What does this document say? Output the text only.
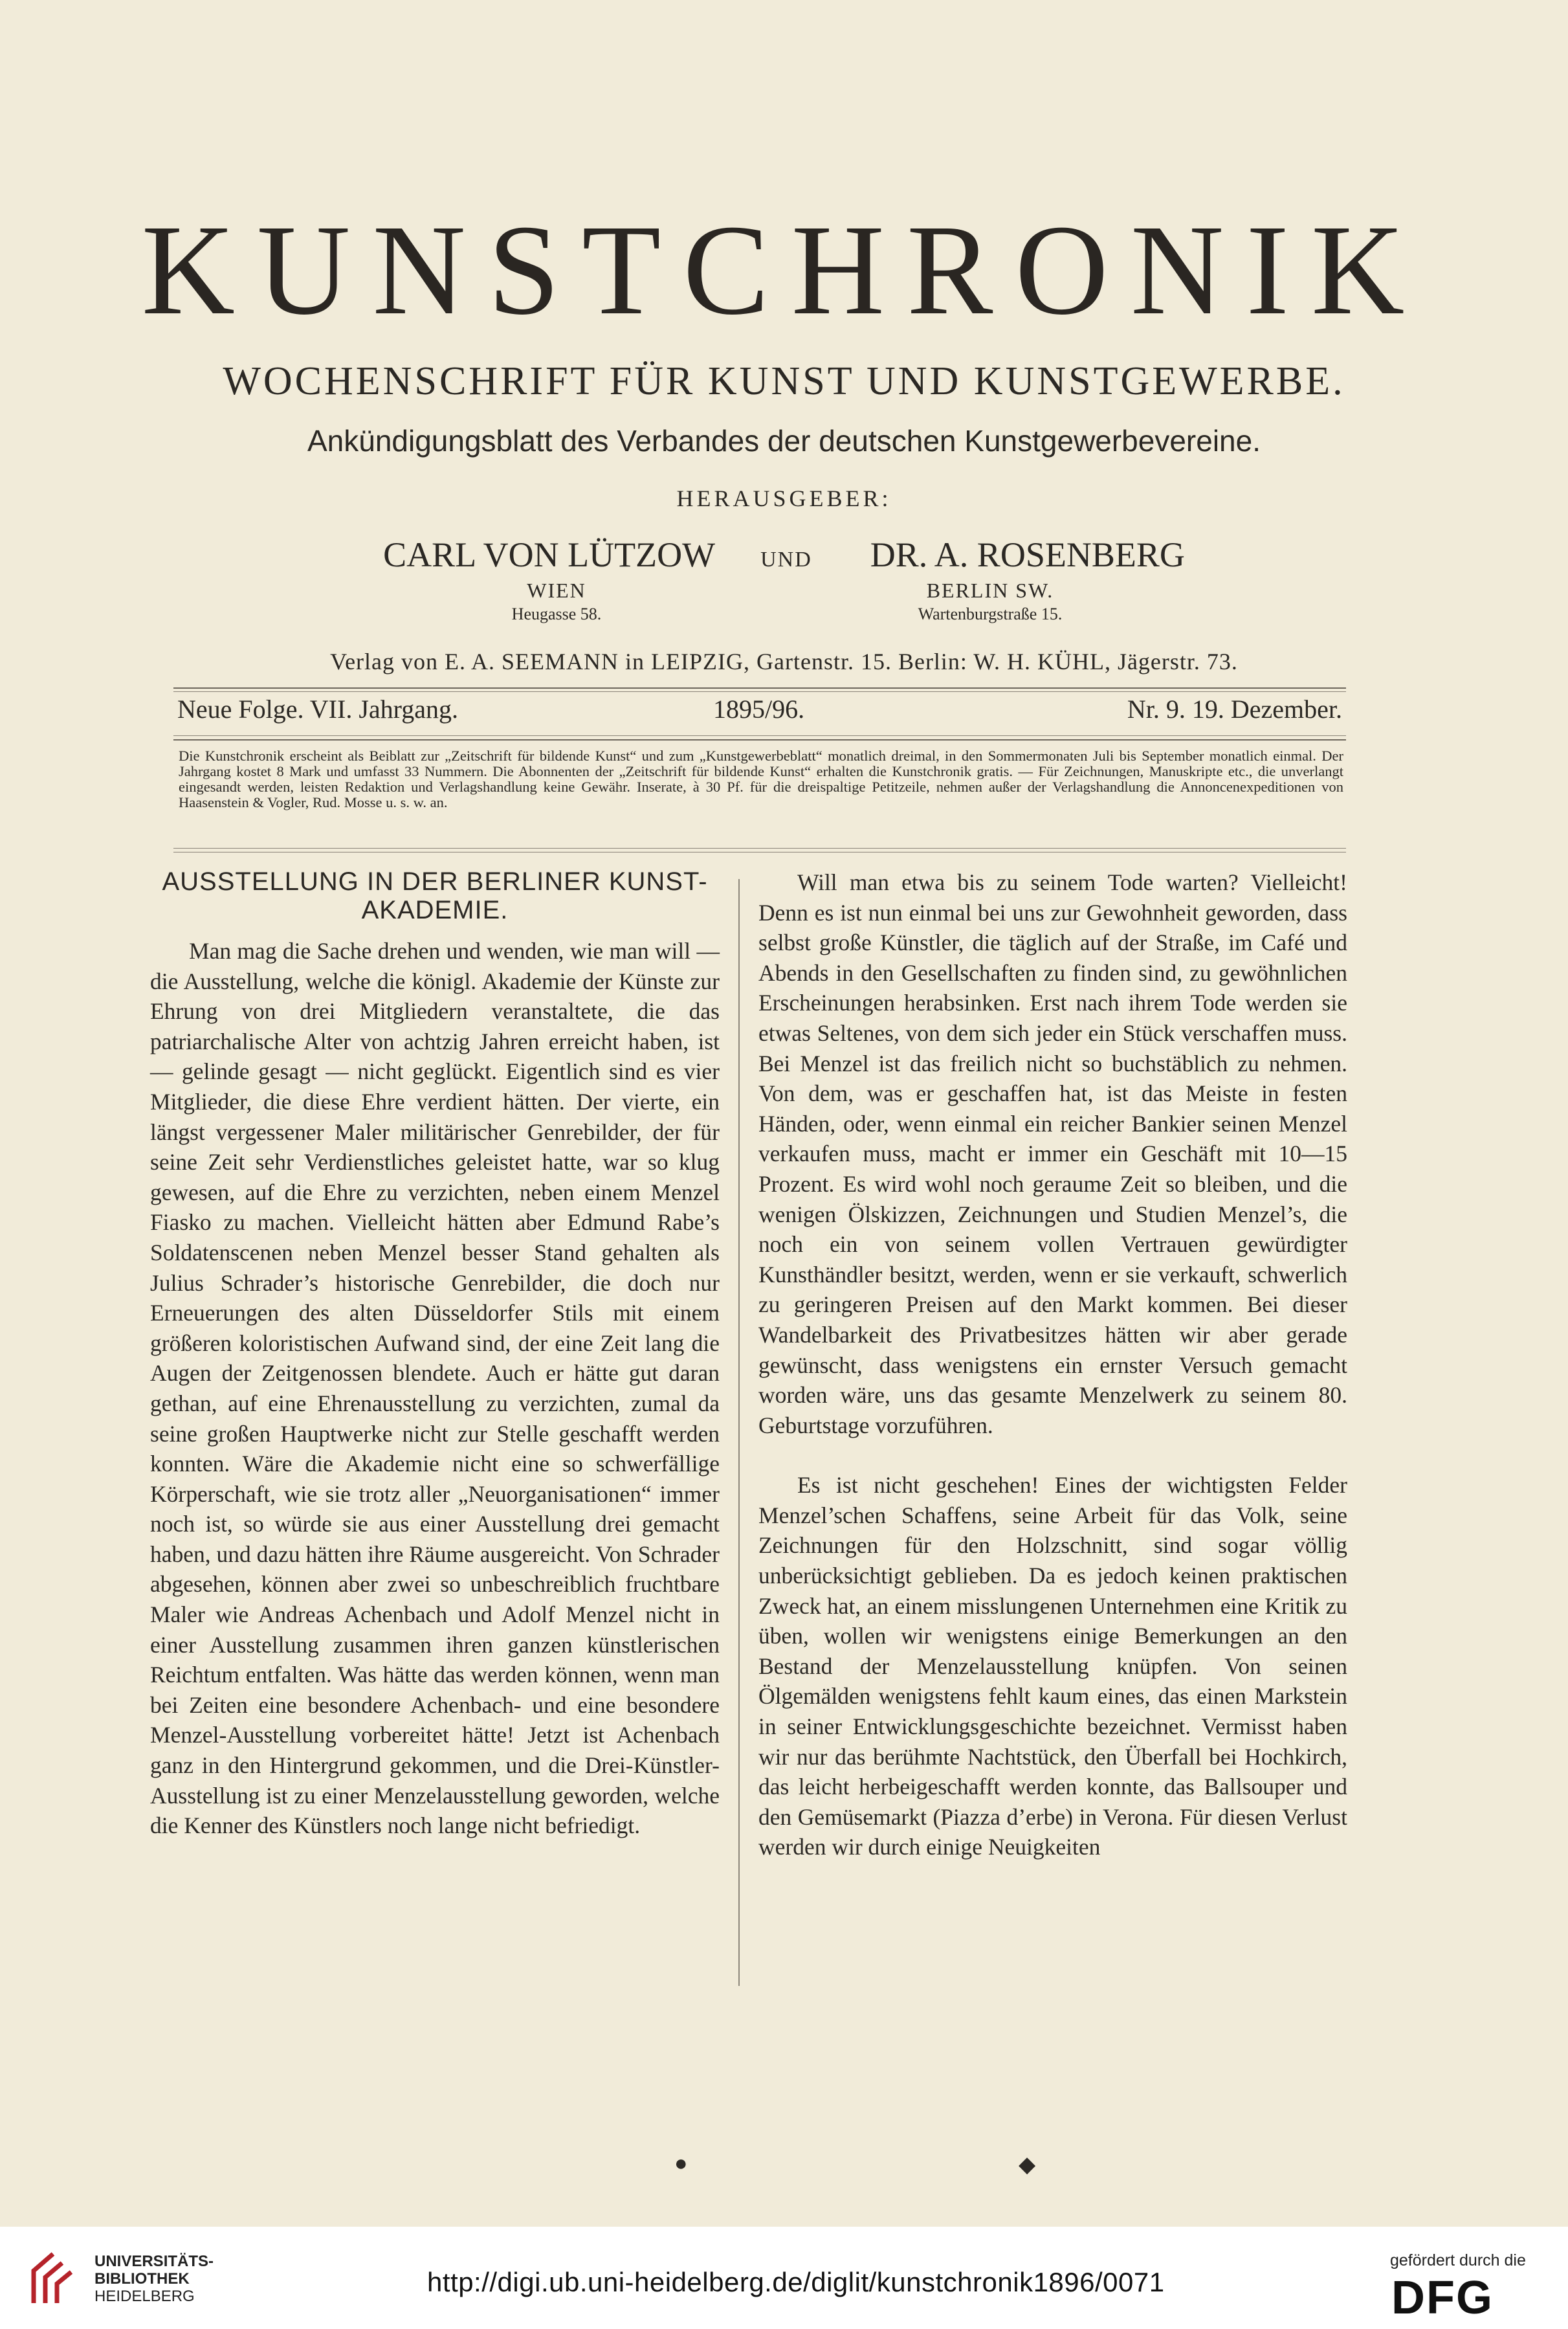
KUNSTCHRONIK
WOCHENSCHRIFT FÜR KUNST UND KUNSTGEWERBE.
Ankündigungsblatt des Verbandes der deutschen Kunstgewerbevereine.
HERAUSGEBER:
CARL VON LÜTZOW UND DR. A. ROSENBERG
WIEN
Heugasse 58.
BERLIN SW.
Wartenburgstraße 15.
Verlag von E. A. SEEMANN in LEIPZIG, Gartenstr. 15. Berlin: W. H. KÜHL, Jägerstr. 73.
Neue Folge. VII. Jahrgang.	1895/96.	Nr. 9. 19. Dezember.
Die Kunstchronik erscheint als Beiblatt zur „Zeitschrift für bildende Kunst“ und zum „Kunstgewerbeblatt“ monatlich dreimal, in den Sommermonaten Juli bis September monatlich einmal. Der Jahrgang kostet 8 Mark und umfasst 33 Nummern. Die Abonnenten der „Zeitschrift für bildende Kunst“ erhalten die Kunstchronik gratis. — Für Zeichnungen, Manuskripte etc., die unverlangt eingesandt werden, leisten Redaktion und Verlagshandlung keine Gewähr. Inserate, à 30 Pf. für die dreispaltige Petitzeile, nehmen außer der Verlagshandlung die Annoncenexpeditionen von Haasenstein & Vogler, Rud. Mosse u. s. w. an.
AUSSTELLUNG IN DER BERLINER KUNST-
AKADEMIE.

Man mag die Sache drehen und wenden, wie man will — die Ausstellung, welche die königl. Akademie der Künste zur Ehrung von drei Mitgliedern veranstaltete, die das patriarchalische Alter von achtzig Jahren erreicht haben, ist — gelinde gesagt — nicht geglückt. Eigentlich sind es vier Mitglieder, die diese Ehre verdient hätten. Der vierte, ein längst vergessener Maler militärischer Genrebilder, der für seine Zeit sehr Verdienstliches geleistet hatte, war so klug gewesen, auf die Ehre zu verzichten, neben einem Menzel Fiasko zu machen. Vielleicht hätten aber Edmund Rabe’s Soldatenscenen neben Menzel besser Stand gehalten als Julius Schrader’s historische Genrebilder, die doch nur Erneuerungen des alten Düsseldorfer Stils mit einem größeren koloristischen Aufwand sind, der eine Zeit lang die Augen der Zeitgenossen blendete. Auch er hätte gut daran gethan, auf eine Ehrenausstellung zu verzichten, zumal da seine großen Hauptwerke nicht zur Stelle geschafft werden konnten. Wäre die Akademie nicht eine so schwerfällige Körperschaft, wie sie trotz aller „Neuorganisationen“ immer noch ist, so würde sie aus einer Ausstellung drei gemacht haben, und dazu hätten ihre Räume ausgereicht. Von Schrader abgesehen, können aber zwei so unbeschreiblich fruchtbare Maler wie Andreas Achenbach und Adolf Menzel nicht in einer Ausstellung zusammen ihren ganzen künstlerischen Reichtum entfalten. Was hätte das werden können, wenn man bei Zeiten eine besondere Achenbach- und eine besondere Menzel-Ausstellung vorbereitet hätte! Jetzt ist Achenbach ganz in den Hintergrund gekommen, und die Drei-Künstler-Ausstellung ist zu einer Menzelausstellung geworden, welche die Kenner des Künstlers noch lange nicht befriedigt.

Will man etwa bis zu seinem Tode warten? Vielleicht! Denn es ist nun einmal bei uns zur Gewohnheit geworden, dass selbst große Künstler, die täglich auf der Straße, im Café und Abends in den Gesellschaften zu finden sind, zu gewöhnlichen Erscheinungen herabsinken. Erst nach ihrem Tode werden sie etwas Seltenes, von dem sich jeder ein Stück verschaffen muss. Bei Menzel ist das freilich nicht so buchstäblich zu nehmen. Von dem, was er geschaffen hat, ist das Meiste in festen Händen, oder, wenn einmal ein reicher Bankier seinen Menzel verkaufen muss, macht er immer ein Geschäft mit 10—15 Prozent. Es wird wohl noch geraume Zeit so bleiben, und die wenigen Ölskizzen, Zeichnungen und Studien Menzel’s, die noch ein von seinem vollen Vertrauen gewürdigter Kunsthändler besitzt, werden, wenn er sie verkauft, schwerlich zu geringeren Preisen auf den Markt kommen. Bei dieser Wandelbarkeit des Privatbesitzes hätten wir aber gerade gewünscht, dass wenigstens ein ernster Versuch gemacht worden wäre, uns das gesamte Menzelwerk zu seinem 80. Geburtstage vorzuführen.

Es ist nicht geschehen! Eines der wichtigsten Felder Menzel’schen Schaffens, seine Arbeit für das Volk, seine Zeichnungen für den Holzschnitt, sind sogar völlig unberücksichtigt geblieben. Da es jedoch keinen praktischen Zweck hat, an einem misslungenen Unternehmen eine Kritik zu üben, wollen wir wenigstens einige Bemerkungen an den Bestand der Menzelausstellung knüpfen. Von seinen Ölgemälden wenigstens fehlt kaum eines, das einen Markstein in seiner Entwicklungsgeschichte bezeichnet. Vermisst haben wir nur das berühmte Nachtstück, den Überfall bei Hochkirch, das leicht herbeigeschafft werden konnte, das Ballsouper und den Gemüsemarkt (Piazza d’erbe) in Verona. Für diesen Verlust werden wir durch einige Neuigkeiten

●	◆
UNIVERSITÄTS-
BIBLIOTHEK
HEIDELBERG	http://digi.ub.uni-heidelberg.de/diglit/kunstchronik1896/0071
gefördert durch die
DFG
